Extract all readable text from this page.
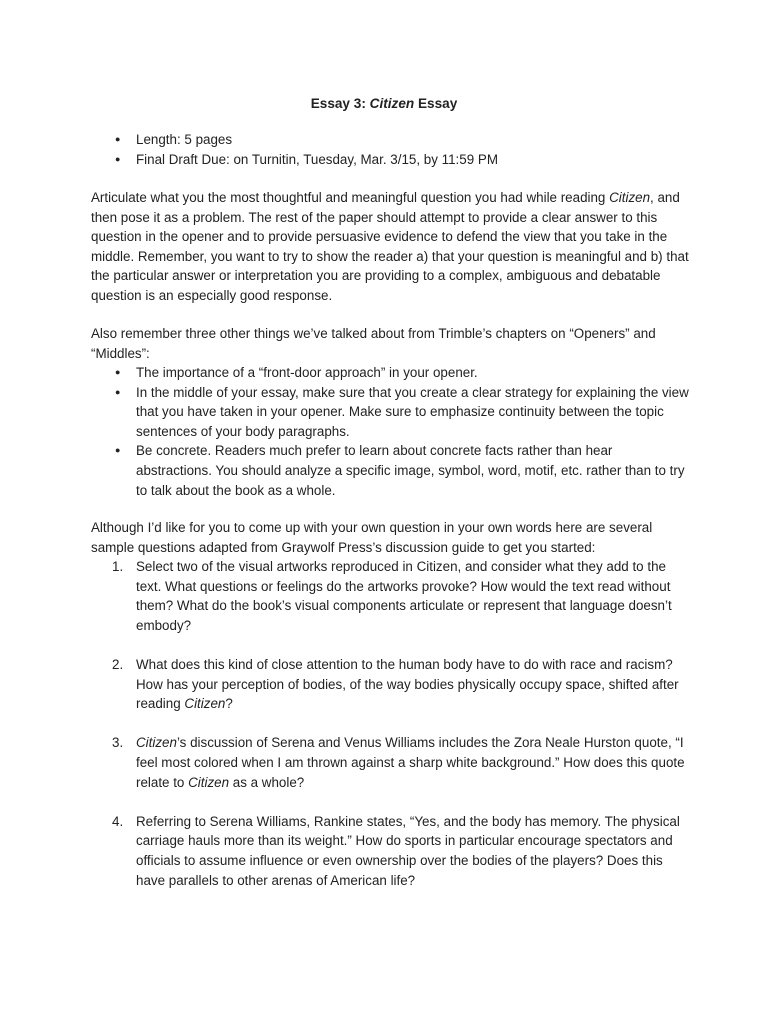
Essay 3: Citizen Essay
● Length: 5 pages
● Final Draft Due: on Turnitin, Tuesday, Mar. 3/15, by 11:59 PM
Articulate what you the most thoughtful and meaningful question you had while reading Citizen, and then pose it as a problem. The rest of the paper should attempt to provide a clear answer to this question in the opener and to provide persuasive evidence to defend the view that you take in the middle. Remember, you want to try to show the reader a) that your question is meaningful and b) that the particular answer or interpretation you are providing to a complex, ambiguous and debatable question is an especially good response.
Also remember three other things we’ve talked about from Trimble’s chapters on “Openers” and “Middles”:
● The importance of a “front-door approach” in your opener.
● In the middle of your essay, make sure that you create a clear strategy for explaining the view that you have taken in your opener. Make sure to emphasize continuity between the topic sentences of your body paragraphs.
● Be concrete. Readers much prefer to learn about concrete facts rather than hear abstractions. You should analyze a specific image, symbol, word, motif, etc. rather than to try to talk about the book as a whole.
Although I’d like for you to come up with your own question in your own words here are several sample questions adapted from Graywolf Press’s discussion guide to get you started:
1. Select two of the visual artworks reproduced in Citizen, and consider what they add to the text. What questions or feelings do the artworks provoke? How would the text read without them? What do the book’s visual components articulate or represent that language doesn’t embody?
2. What does this kind of close attention to the human body have to do with race and racism? How has your perception of bodies, of the way bodies physically occupy space, shifted after reading Citizen?
3. Citizen’s discussion of Serena and Venus Williams includes the Zora Neale Hurston quote, “I feel most colored when I am thrown against a sharp white background.” How does this quote relate to Citizen as a whole?
4. Referring to Serena Williams, Rankine states, “Yes, and the body has memory. The physical carriage hauls more than its weight.” How do sports in particular encourage spectators and officials to assume influence or even ownership over the bodies of the players? Does this have parallels to other arenas of American life?
